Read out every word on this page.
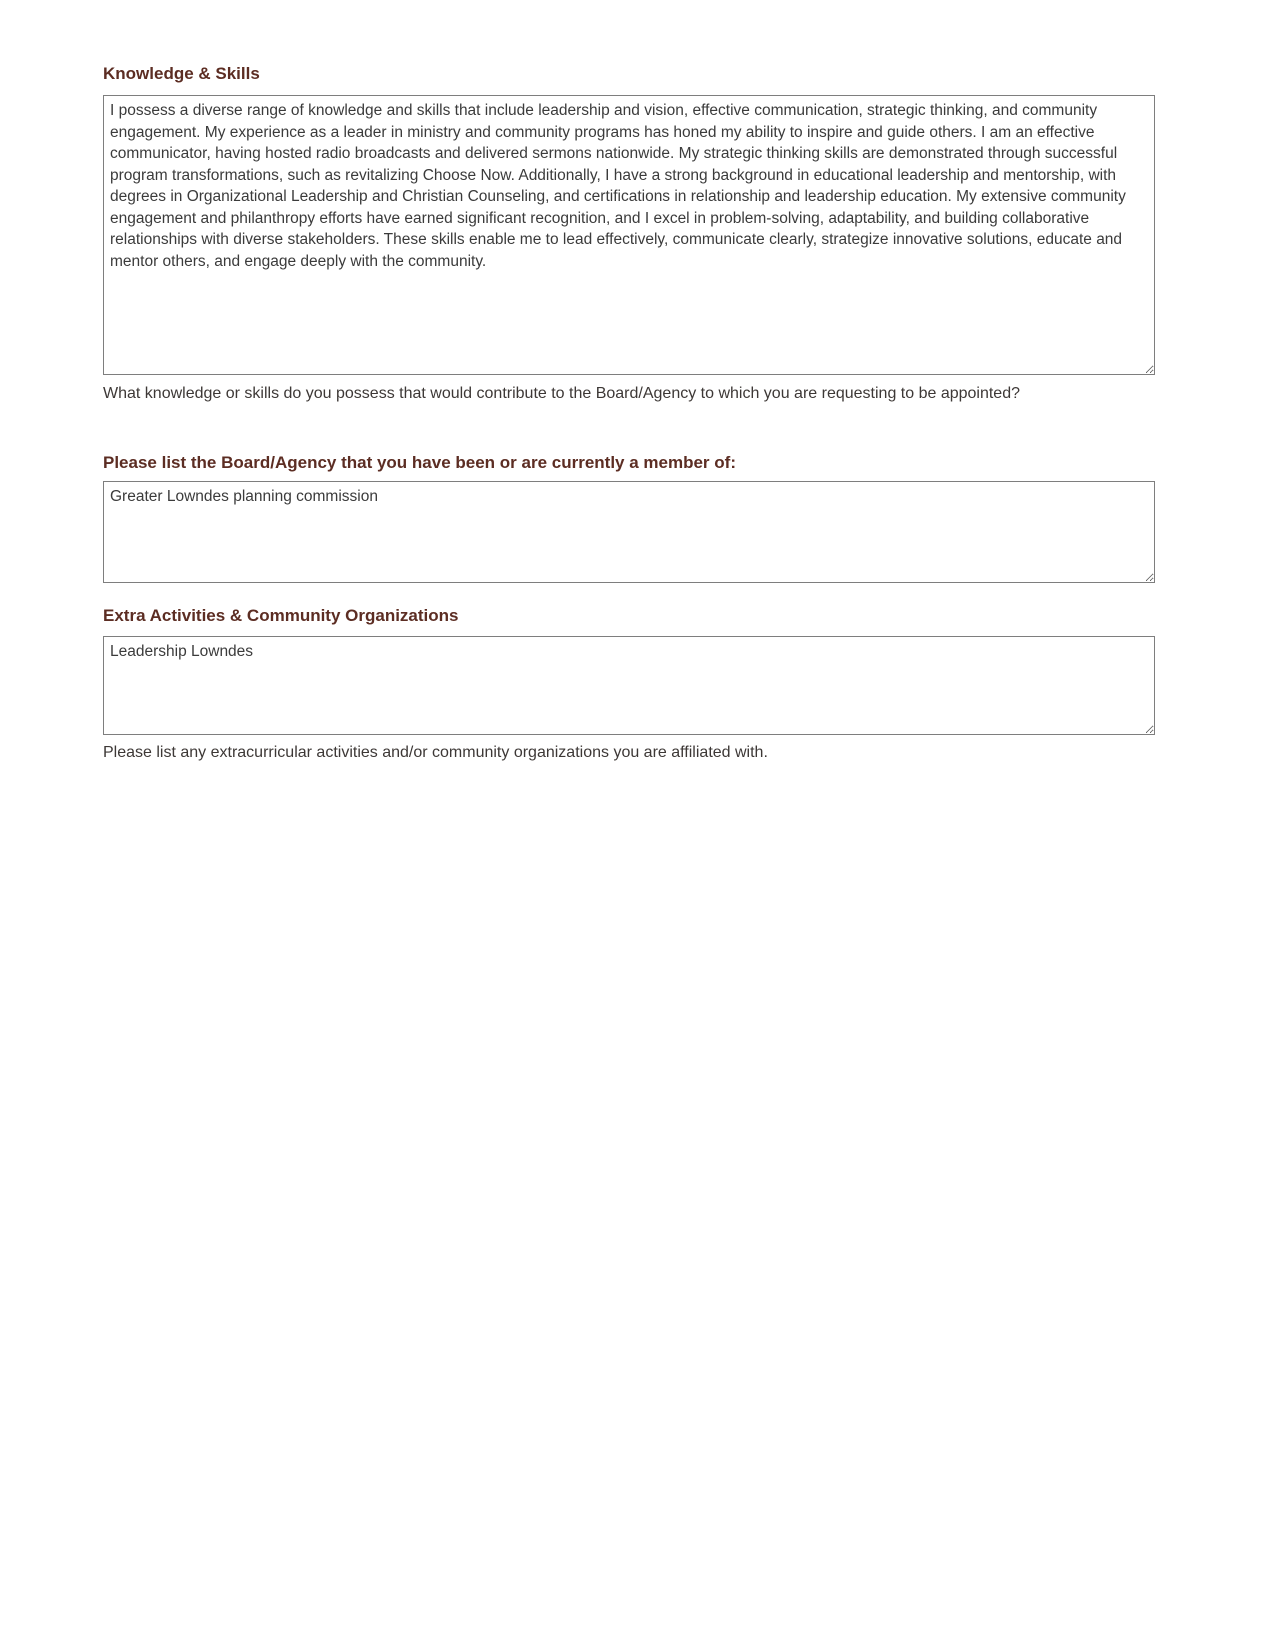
Knowledge & Skills
I possess a diverse range of knowledge and skills that include leadership and vision, effective communication, strategic thinking, and community engagement. My experience as a leader in ministry and community programs has honed my ability to inspire and guide others. I am an effective communicator, having hosted radio broadcasts and delivered sermons nationwide. My strategic thinking skills are demonstrated through successful program transformations, such as revitalizing Choose Now. Additionally, I have a strong background in educational leadership and mentorship, with degrees in Organizational Leadership and Christian Counseling, and certifications in relationship and leadership education. My extensive community engagement and philanthropy efforts have earned significant recognition, and I excel in problem-solving, adaptability, and building collaborative relationships with diverse stakeholders. These skills enable me to lead effectively, communicate clearly, strategize innovative solutions, educate and mentor others, and engage deeply with the community.
What knowledge or skills do you possess that would contribute to the Board/Agency to which you are requesting to be appointed?
Please list the Board/Agency that you have been or are currently a member of:
Greater Lowndes planning commission
Extra Activities & Community Organizations
Leadership Lowndes
Please list any extracurricular activities and/or community organizations you are affiliated with.
